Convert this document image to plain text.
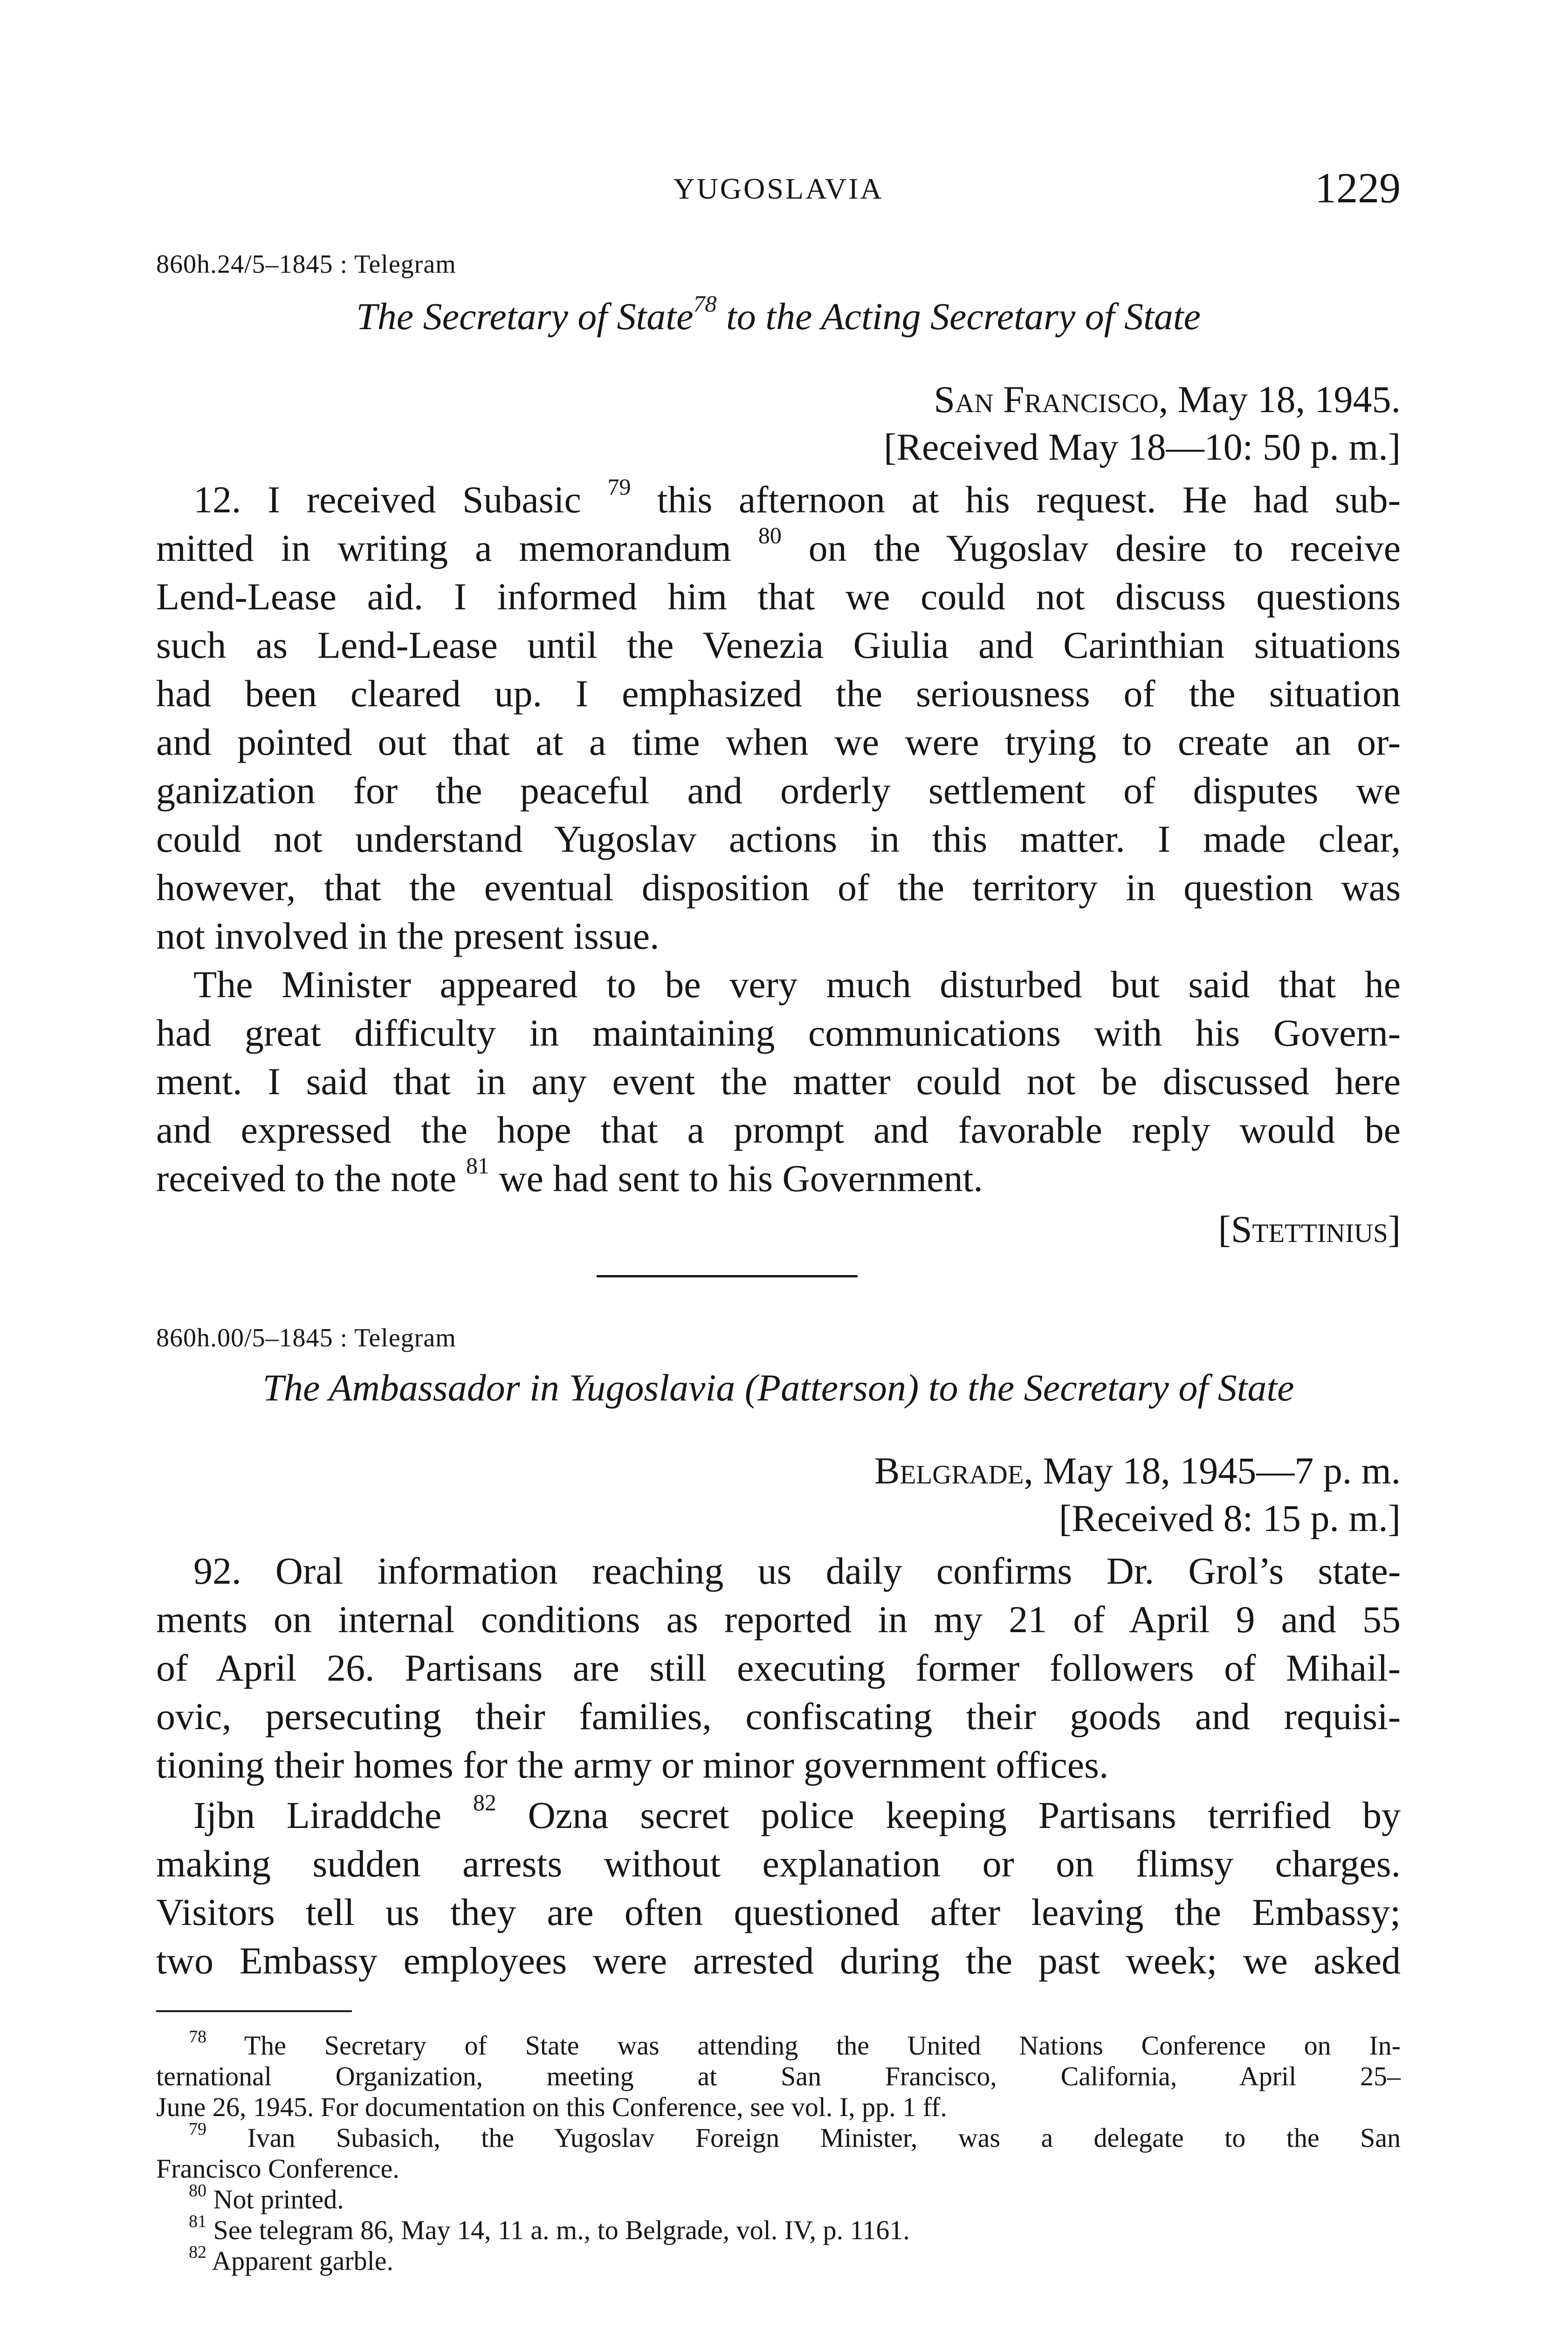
YUGOSLAVIA	1229
860h.24/5–1845 : Telegram
The Secretary of State$^{78}$ to the Acting Secretary of State
San Francisco, May 18, 1945.
[Received May 18—10: 50 p. m.]
12. I received Subasic $^{79}$ this afternoon at his request. He had sub-
mitted in writing a memorandum $^{80}$ on the Yugoslav desire to receive
Lend-Lease aid. I informed him that we could not discuss questions
such as Lend-Lease until the Venezia Giulia and Carinthian situations
had been cleared up. I emphasized the seriousness of the situation
and pointed out that at a time when we were trying to create an or-
ganization for the peaceful and orderly settlement of disputes we
could not understand Yugoslav actions in this matter. I made clear,
however, that the eventual disposition of the territory in question was
not involved in the present issue.
The Minister appeared to be very much disturbed but said that he
had great difficulty in maintaining communications with his Govern-
ment. I said that in any event the matter could not be discussed here
and expressed the hope that a prompt and favorable reply would be
received to the note $^{81}$ we had sent to his Government.
[Stettinius]
860h.00/5–1845 : Telegram
The Ambassador in Yugoslavia (Patterson) to the Secretary of State
Belgrade, May 18, 1945—7 p. m.
[Received 8: 15 p. m.]
92. Oral information reaching us daily confirms Dr. Grol’s state-
ments on internal conditions as reported in my 21 of April 9 and 55
of April 26. Partisans are still executing former followers of Mihail-
ovic, persecuting their families, confiscating their goods and requisi-
tioning their homes for the army or minor government offices.
Ijbn Liraddche $^{82}$ Ozna secret police keeping Partisans terrified by
making sudden arrests without explanation or on flimsy charges.
Visitors tell us they are often questioned after leaving the Embassy;
two Embassy employees were arrested during the past week; we asked
$^{78}$ The Secretary of State was attending the United Nations Conference on In-
ternational Organization, meeting at San Francisco, California, April 25–
June 26, 1945. For documentation on this Conference, see vol. I, pp. 1 ff.
$^{79}$ Ivan Subasich, the Yugoslav Foreign Minister, was a delegate to the San
Francisco Conference.
$^{80}$ Not printed.
$^{81}$ See telegram 86, May 14, 11 a. m., to Belgrade, vol. IV, p. 1161.
$^{82}$ Apparent garble.
